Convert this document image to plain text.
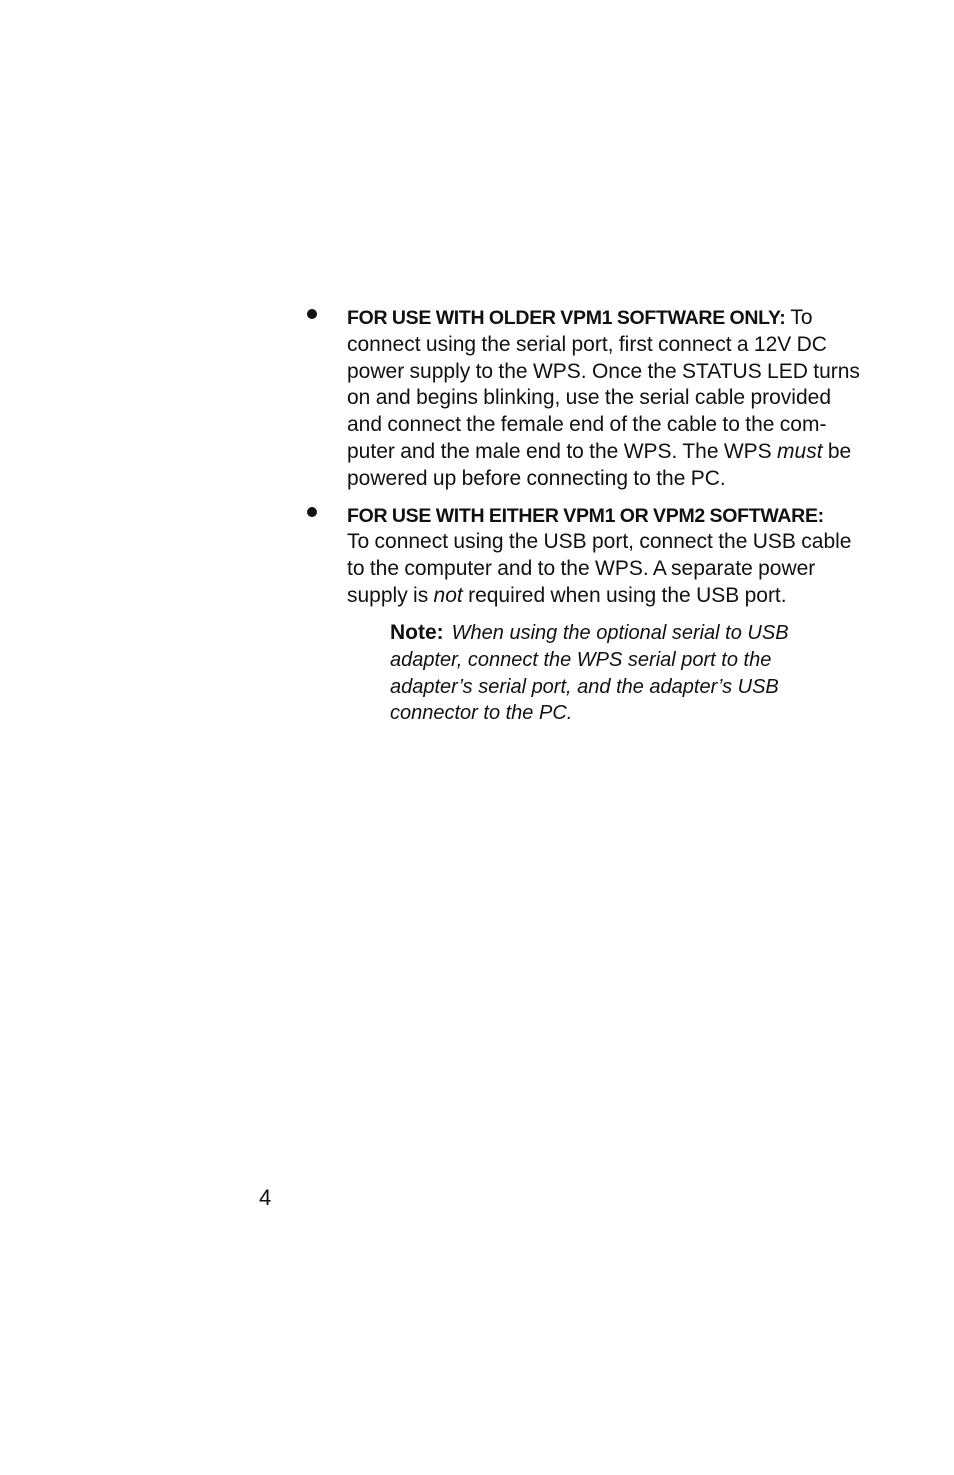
FOR USE WITH OLDER VPM1 SOFTWARE ONLY: To connect using the serial port, first connect a 12V DC power supply to the WPS. Once the STATUS LED turns on and begins blinking, use the serial cable provided and connect the female end of the cable to the com-puter and the male end to the WPS. The WPS must be powered up before connecting to the PC.
FOR USE WITH EITHER VPM1 OR VPM2 SOFTWARE:
To connect using the USB port, connect the USB cable to the computer and to the WPS. A separate power supply is not required when using the USB port.
Note: When using the optional serial to USB adapter, connect the WPS serial port to the adapter’s serial port, and the adapter’s USB connector to the PC.
4
